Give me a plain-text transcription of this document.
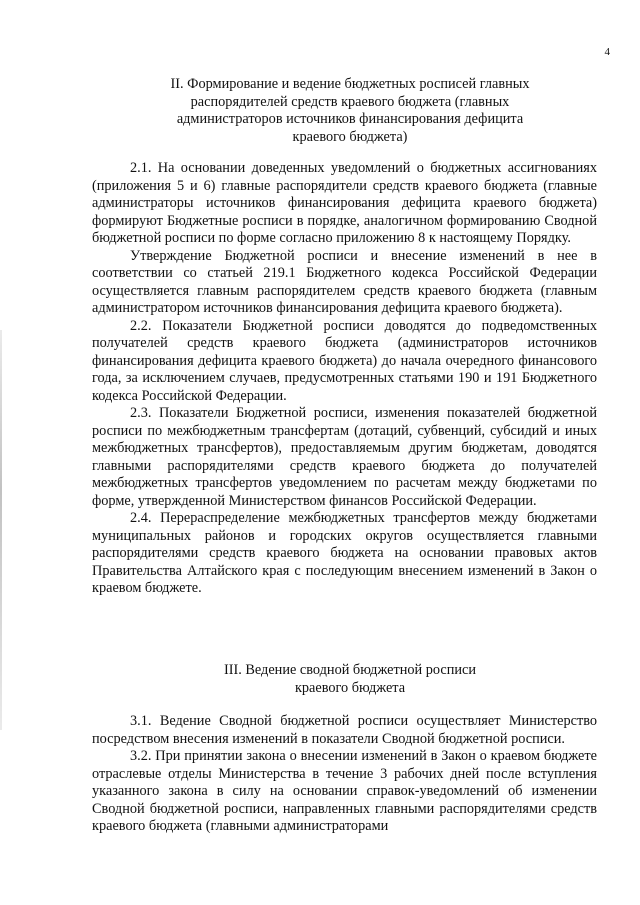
4
II. Формирование и ведение бюджетных росписей главных
распорядителей средств краевого бюджета (главных
администраторов источников финансирования дефицита
краевого бюджета)

2.1. На основании доведенных уведомлений о бюджетных ассигнованиях (приложения 5 и 6) главные распорядители средств краевого бюджета (главные администраторы источников финансирования дефицита краевого бюджета) формируют Бюджетные росписи в порядке, аналогичном формированию Сводной бюджетной росписи по форме согласно приложению 8 к настоящему Порядку.

Утверждение Бюджетной росписи и внесение изменений в нее в соответствии со статьей 219.1 Бюджетного кодекса Российской Федерации осуществляется главным распорядителем средств краевого бюджета (главным администратором источников финансирования дефицита краевого бюджета).

2.2. Показатели Бюджетной росписи доводятся до подведомственных получателей средств краевого бюджета (администраторов источников финансирования дефицита краевого бюджета) до начала очередного финансового года, за исключением случаев, предусмотренных статьями 190 и 191 Бюджетного кодекса Российской Федерации.

2.3. Показатели Бюджетной росписи, изменения показателей бюджетной росписи по межбюджетным трансфертам (дотаций, субвенций, субсидий и иных межбюджетных трансфертов), предоставляемым другим бюджетам, доводятся главными распорядителями средств краевого бюджета до получателей межбюджетных трансфертов уведомлением по расчетам между бюджетами по форме, утвержденной Министерством финансов Российской Федерации.

2.4. Перераспределение межбюджетных трансфертов между бюджетами муниципальных районов и городских округов осуществляется главными распорядителями средств краевого бюджета на основании правовых актов Правительства Алтайского края с последующим внесением изменений в Закон о краевом бюджете.

III. Ведение сводной бюджетной росписи
краевого бюджета

3.1. Ведение Сводной бюджетной росписи осуществляет Министерство посредством внесения изменений в показатели Сводной бюджетной росписи.

3.2. При принятии закона о внесении изменений в Закон о краевом бюджете отраслевые отделы Министерства в течение 3 рабочих дней после вступления указанного закона в силу на основании справок-уведомлений об изменении Сводной бюджетной росписи, направленных главными распорядителями средств краевого бюджета (главными администраторами
